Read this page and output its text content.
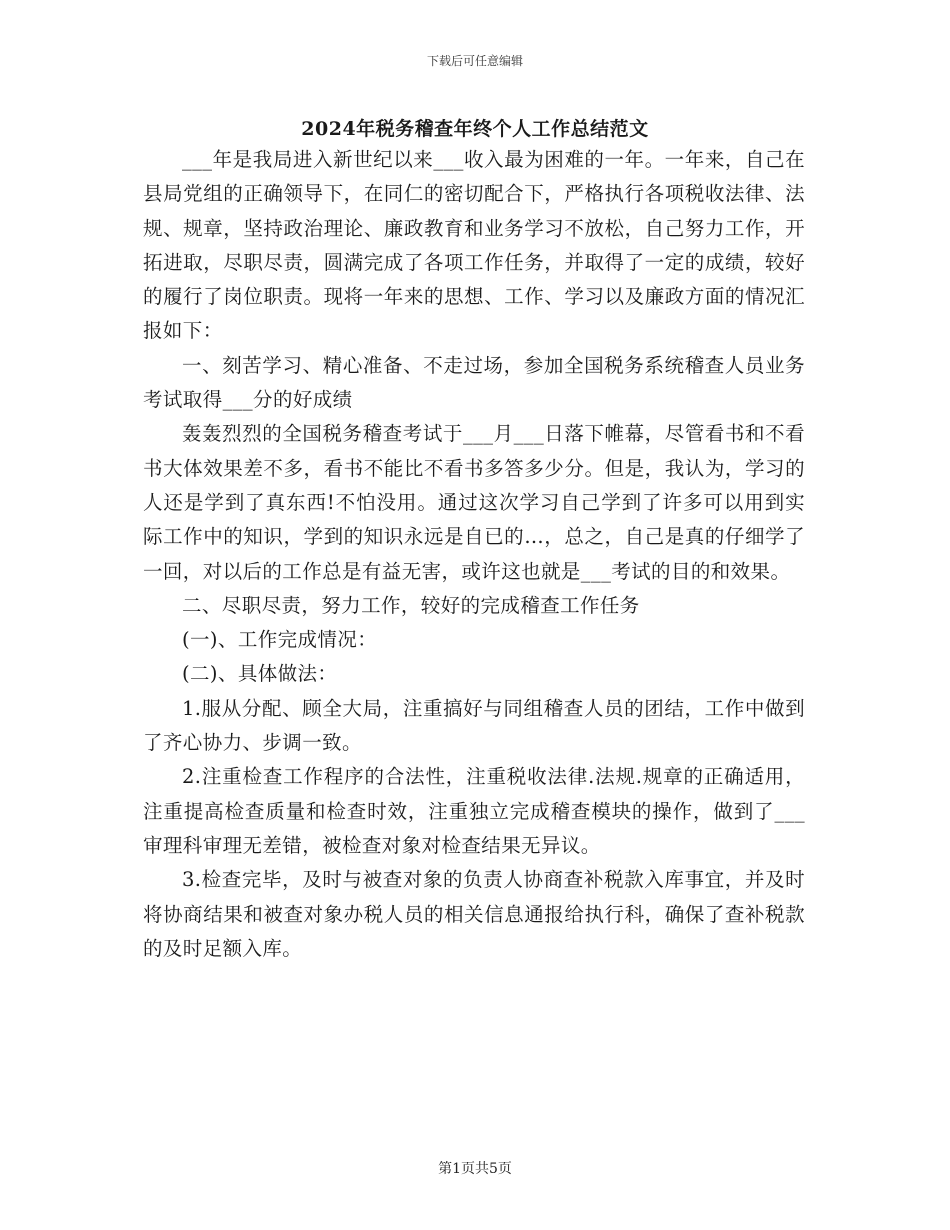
下载后可任意编辑
2024年税务稽查年终个人工作总结范文

___年是我局进入新世纪以来___收入最为困难的一年。一年来，自己在县局党组的正确领导下，在同仁的密切配合下，严格执行各项税收法律、法规、规章，坚持政治理论、廉政教育和业务学习不放松，自己努力工作，开拓进取，尽职尽责，圆满完成了各项工作任务，并取得了一定的成绩，较好的履行了岗位职责。现将一年来的思想、工作、学习以及廉政方面的情况汇报如下：

一、刻苦学习、精心准备、不走过场，参加全国税务系统稽查人员业务考试取得___分的好成绩

轰轰烈烈的全国税务稽查考试于___月___日落下帷幕，尽管看书和不看书大体效果差不多，看书不能比不看书多答多少分。但是，我认为，学习的人还是学到了真东西!不怕没用。通过这次学习自己学到了许多可以用到实际工作中的知识，学到的知识永远是自已的…，总之，自己是真的仔细学了一回，对以后的工作总是有益无害，或许这也就是___考试的目的和效果。

二、尽职尽责，努力工作，较好的完成稽查工作任务

(一)、工作完成情况：

(二)、具体做法：

1.服从分配、顾全大局，注重搞好与同组稽查人员的团结，工作中做到了齐心协力、步调一致。

2.注重检查工作程序的合法性，注重税收法律.法规.规章的正确适用，注重提高检查质量和检查时效，注重独立完成稽查模块的操作，做到了___审理科审理无差错，被检查对象对检查结果无异议。

3.检查完毕，及时与被查对象的负责人协商查补税款入库事宜，并及时将协商结果和被查对象办税人员的相关信息通报给执行科，确保了查补税款的及时足额入库。

第1页共5页
